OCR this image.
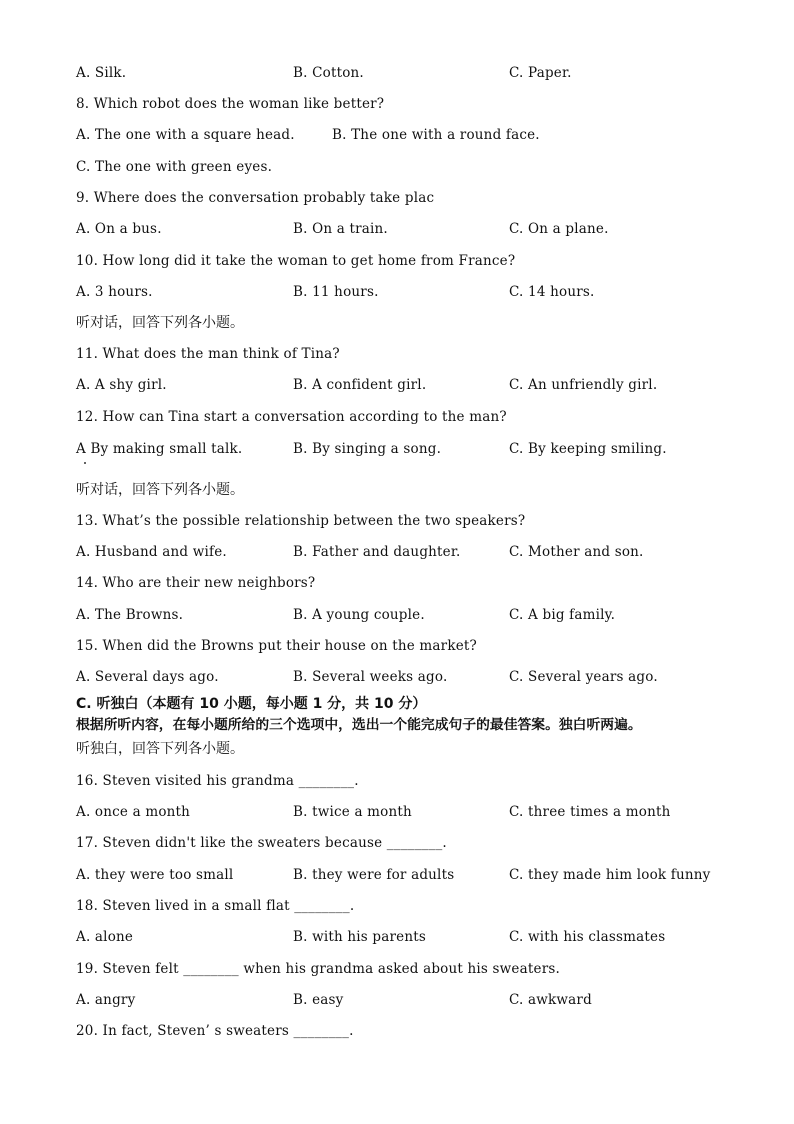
A. Silk.

	B. Cotton.

	C. Paper.

8. Which robot does the woman like better?

A. The one with a square head.

	B. The one with a round face.

C. The one with green eyes.
9. Where does the conversation probably take plac

A. On a bus.

	B. On a train.

	C. On a plane.

10. How long did it take the woman to get home from France?

A. 3 hours.

	B. 11 hours.

	C. 14 hours.

听对话，回答下列各小题。
11. What does the man think of Tina?

A. A shy girl.

	B. A confident girl.

	C. An unfriendly girl.

12. How can Tina start a conversation according to the man?

A By making small talk.

	B. By singing a song.

	C. By keeping smiling.

听对话，回答下列各小题。
13. What’s the possible relationship between the two speakers?

A. Husband and wife.

	B. Father and daughter.

	C. Mother and son.

14. Who are their new neighbors?

A. The Browns.

	B. A young couple.

	C. A big family.

15. When did the Browns put their house on the market?

A. Several days ago.

	B. Several weeks ago.

	C. Several years ago.

C. 听独白（本题有 10 小题，每小题 1 分，共 10 分）
根据所听内容，在每小题所给的三个选项中，选出一个能完成句子的最佳答案。独白听两遍。
听独白，回答下列各小题。
16. Steven visited his grandma ________.

A. once a month

	B. twice a month

	C. three times a month

17. Steven didn't like the sweaters because ________.

A. they were too small

	B. they were for adults

	C. they made him look funny

18. Steven lived in a small flat ________.

A. alone

	B. with his parents

	C. with his classmates

19. Steven felt ________ when his grandma asked about his sweaters.

A. angry

	B. easy

	C. awkward

20. In fact, Steven’ s sweaters ________.
